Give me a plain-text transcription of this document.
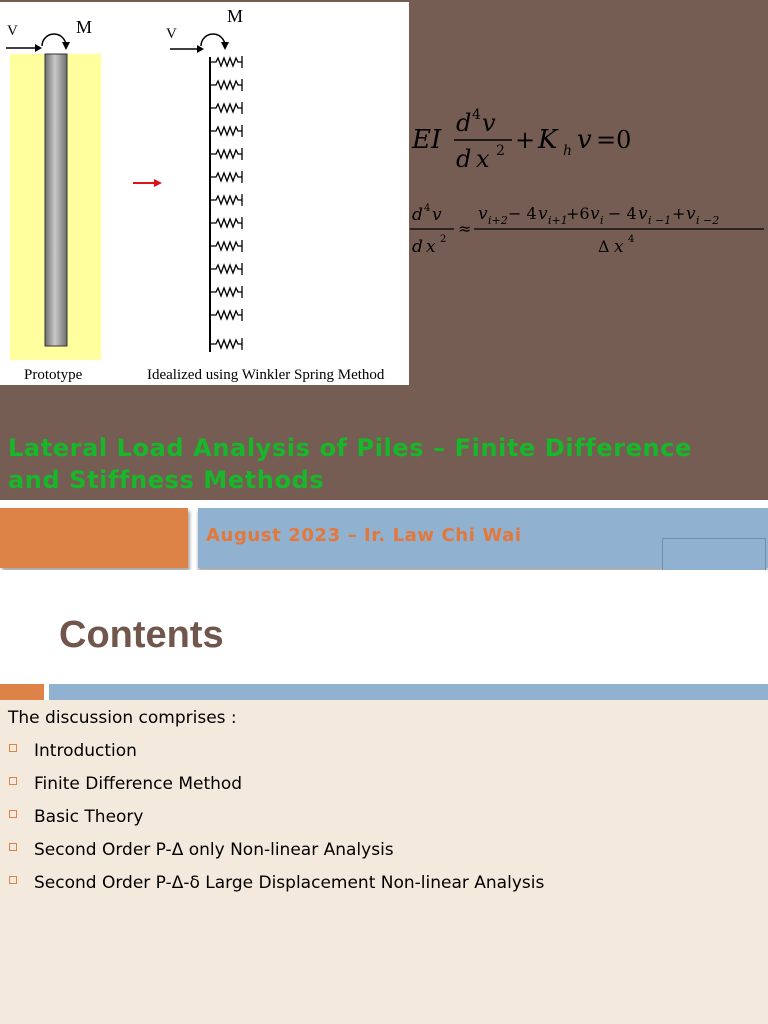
V	M	V
M
Prototype	Idealized using Winkler Spring Method
EI
d 4 v
d x 2 + K h v =0
d 4 v
d x 2
≈
v i+2 − 4 v i+1
+6 v i − 4 v i −1 + v i −2
Δ x 4
Lateral Load Analysis of Piles – Finite Difference and Stiffness Methods
August 2023 – Ir. Law Chi Wai
Contents
The discussion comprises :
Introduction
Finite Difference Method
Basic Theory
Second Order P-Δ only Non-linear Analysis
Second Order P-Δ-δ Large Displacement Non-linear Analysis
